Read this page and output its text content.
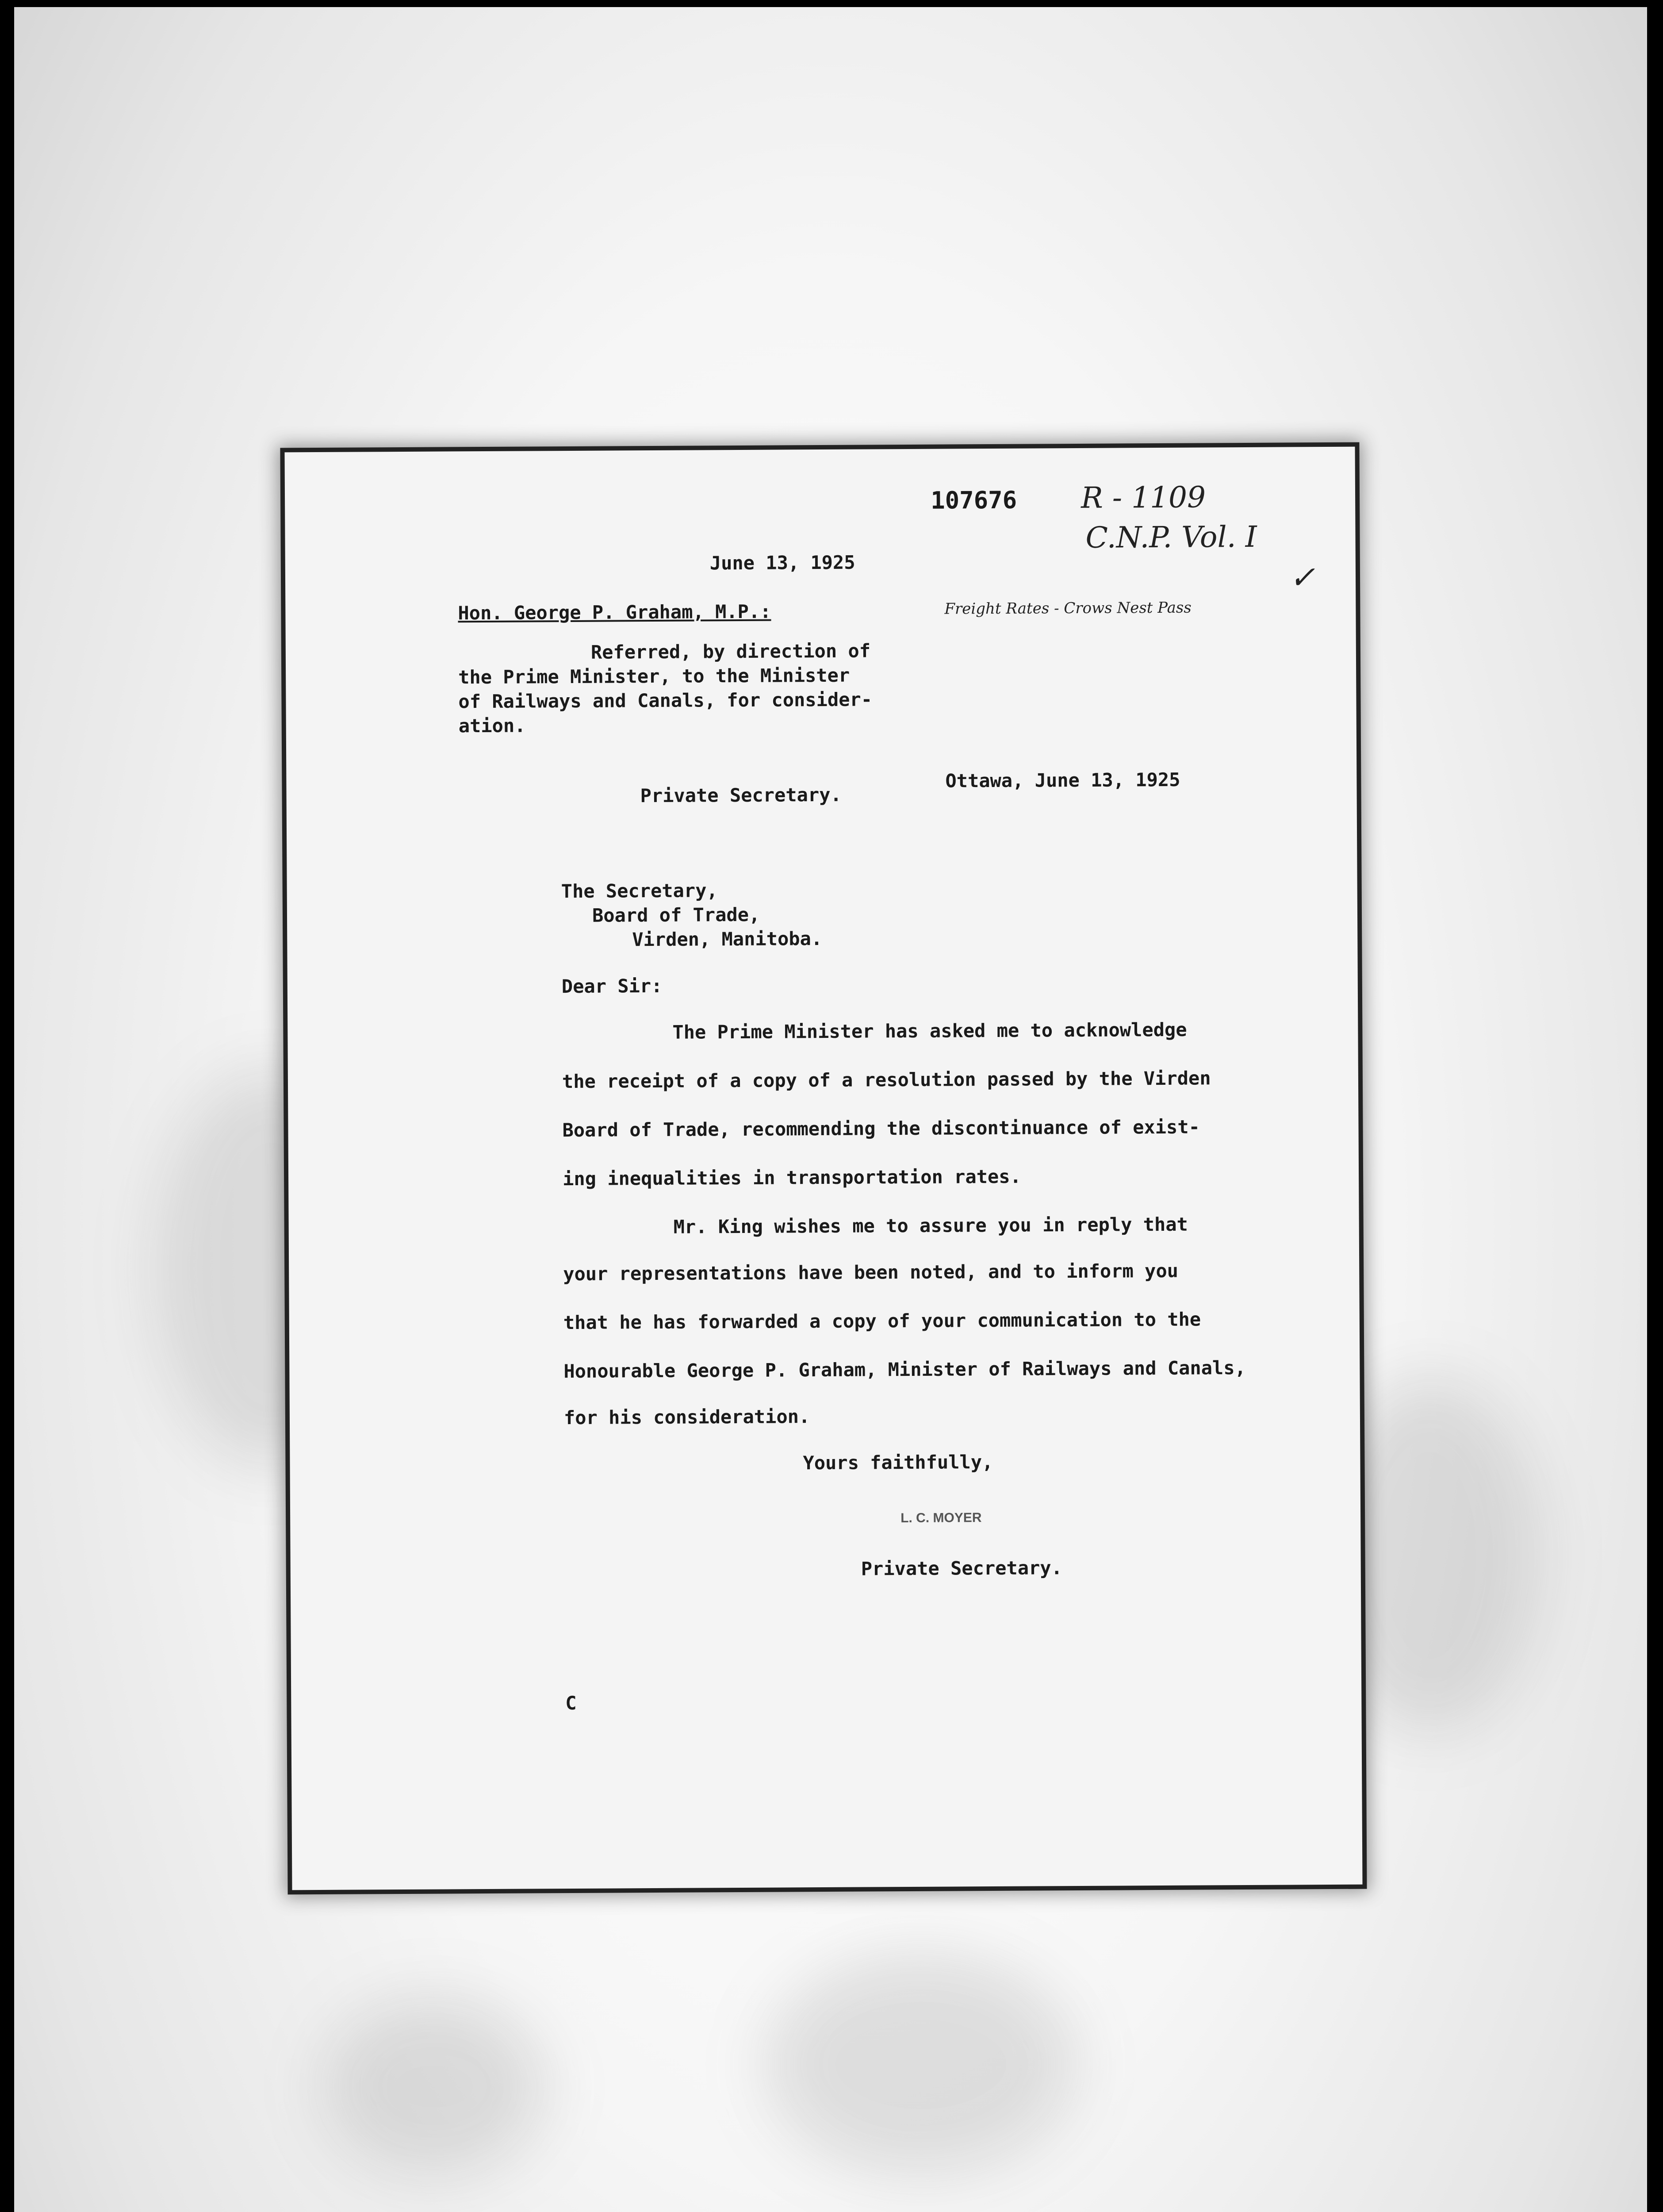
107676 R - 1109
C.N.P. Vol. I
✓
Freight Rates - Crows Nest Pass
June 13, 1925
Hon. George P. Graham, M.P.:
Referred, by direction of
the Prime Minister, to the Minister
of Railways and Canals, for consider-
ation.
Private Secretary.
Ottawa, June 13, 1925
The Secretary,
Board of Trade,
Virden, Manitoba.
Dear Sir:
The Prime Minister has asked me to acknowledge
the receipt of a copy of a resolution passed by the Virden
Board of Trade, recommending the discontinuance of exist-
ing inequalities in transportation rates.
Mr. King wishes me to assure you in reply that
your representations have been noted, and to inform you
that he has forwarded a copy of your communication to the
Honourable George P. Graham, Minister of Railways and Canals,
for his consideration.
Yours faithfully,
L. C. MOYER
Private Secretary.
C
